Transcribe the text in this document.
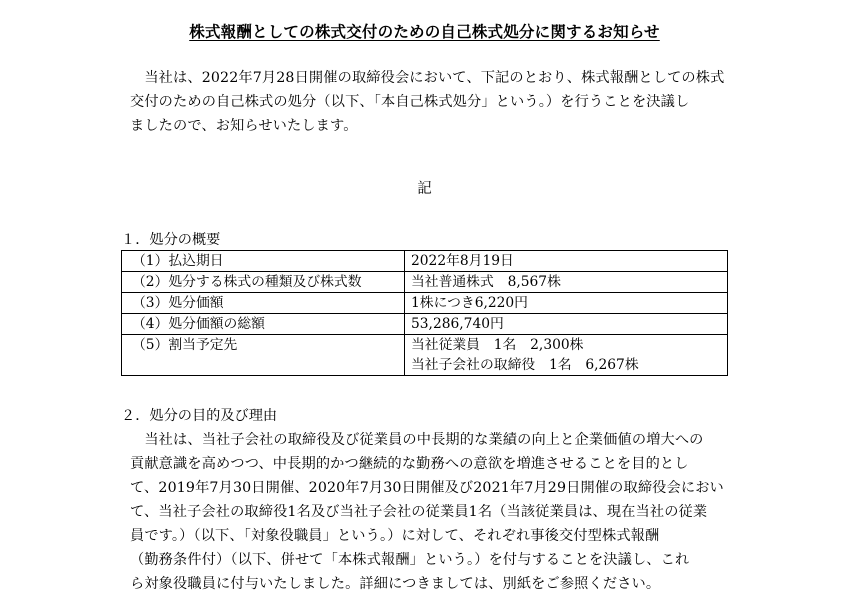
株式報酬としての株式交付のための自己株式処分に関するお知らせ
　当社は、2022年7月28日開催の取締役会において、下記のとおり、株式報酬としての株式
交付のための自己株式の処分（以下、「本自己株式処分」という。）を行うことを決議し
ましたので、お知らせいたします。
記
１．処分の概要
（1）払込期日	2022年8月19日
（2）処分する株式の種類及び株式数	当社普通株式　8,567株
（3）処分価額	1株につき6,220円
（4）処分価額の総額	53,286,740円
（5）割当予定先	当社従業員　1名　2,300株
当社子会社の取締役　1名　6,267株
２．処分の目的及び理由
　当社は、当社子会社の取締役及び従業員の中長期的な業績の向上と企業価値の増大への
貢献意識を高めつつ、中長期的かつ継続的な勤務への意欲を増進させることを目的とし
て、2019年7月30日開催、2020年7月30日開催及び2021年7月29日開催の取締役会におい
て、当社子会社の取締役1名及び当社子会社の従業員1名（当該従業員は、現在当社の従業
員です。）（以下、「対象役職員」という。）に対して、それぞれ事後交付型株式報酬
（勤務条件付）（以下、併せて「本株式報酬」という。）を付与することを決議し、これ
ら対象役職員に付与いたしました。詳細につきましては、別紙をご参照ください。
